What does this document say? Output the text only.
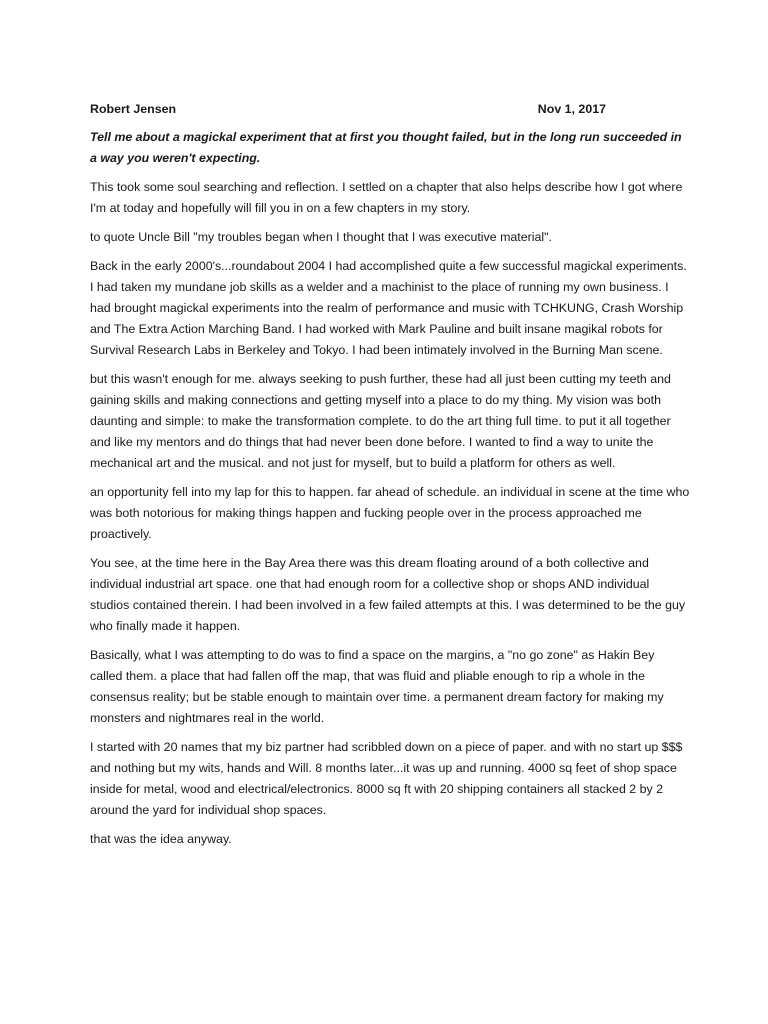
Robert Jensen	Nov 1, 2017

Tell me about a magickal experiment that at first you thought failed, but in the long run succeeded in a way you weren't expecting.

This took some soul searching and reflection. I settled on a chapter that also helps describe how I got where I'm at today and hopefully will fill you in on a few chapters in my story.

to quote Uncle Bill "my troubles began when I thought that I was executive material".

Back in the early 2000's...roundabout 2004 I had accomplished quite a few successful magickal experiments. I had taken my mundane job skills as a welder and a machinist to the place of running my own business. I had brought magickal experiments into the realm of performance and music with TCHKUNG, Crash Worship and The Extra Action Marching Band. I had worked with Mark Pauline and built insane magikal robots for Survival Research Labs in Berkeley and Tokyo. I had been intimately involved in the Burning Man scene.

but this wasn't enough for me. always seeking to push further, these had all just been cutting my teeth and gaining skills and making connections and getting myself into a place to do my thing. My vision was both daunting and simple: to make the transformation complete. to do the art thing full time. to put it all together and like my mentors and do things that had never been done before. I wanted to find a way to unite the mechanical art and the musical. and not just for myself, but to build a platform for others as well.

an opportunity fell into my lap for this to happen. far ahead of schedule. an individual in scene at the time who was both notorious for making things happen and fucking people over in the process approached me proactively.

You see, at the time here in the Bay Area there was this dream floating around of a both collective and individual industrial art space. one that had enough room for a collective shop or shops AND individual studios contained therein. I had been involved in a few failed attempts at this. I was determined to be the guy who finally made it happen.

Basically, what I was attempting to do was to find a space on the margins, a "no go zone" as Hakin Bey called them. a place that had fallen off the map, that was fluid and pliable enough to rip a whole in the consensus reality; but be stable enough to maintain over time. a permanent dream factory for making my monsters and nightmares real in the world.

I started with 20 names that my biz partner had scribbled down on a piece of paper. and with no start up $$$ and nothing but my wits, hands and Will. 8 months later...it was up and running. 4000 sq feet of shop space inside for metal, wood and electrical/electronics. 8000 sq ft with 20 shipping containers all stacked 2 by 2 around the yard for individual shop spaces.

that was the idea anyway.
